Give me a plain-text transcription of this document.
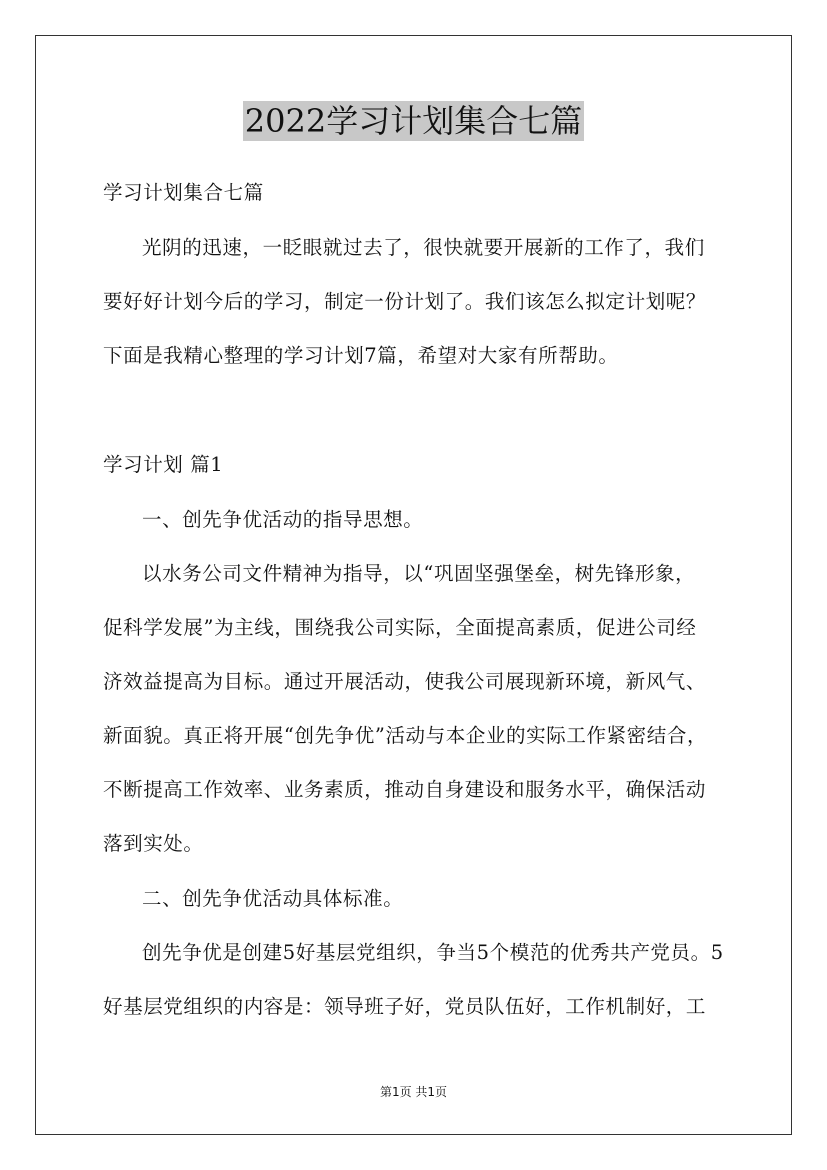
2022学习计划集合七篇
学习计划集合七篇
光阴的迅速，一眨眼就过去了，很快就要开展新的工作了，我们
要好好计划今后的学习，制定一份计划了。我们该怎么拟定计划呢？
下面是我精心整理的学习计划7篇，希望对大家有所帮助。
学习计划 篇1
一、创先争优活动的指导思想。
以水务公司文件精神为指导，以“巩固坚强堡垒，树先锋形象，
促科学发展”为主线，围绕我公司实际，全面提高素质，促进公司经
济效益提高为目标。通过开展活动，使我公司展现新环境，新风气、
新面貌。真正将开展“创先争优”活动与本企业的实际工作紧密结合，
不断提高工作效率、业务素质，推动自身建设和服务水平，确保活动
落到实处。
二、创先争优活动具体标准。
创先争优是创建5好基层党组织，争当5个模范的优秀共产党员。5
好基层党组织的内容是：领导班子好，党员队伍好，工作机制好，工
第1页 共1页
